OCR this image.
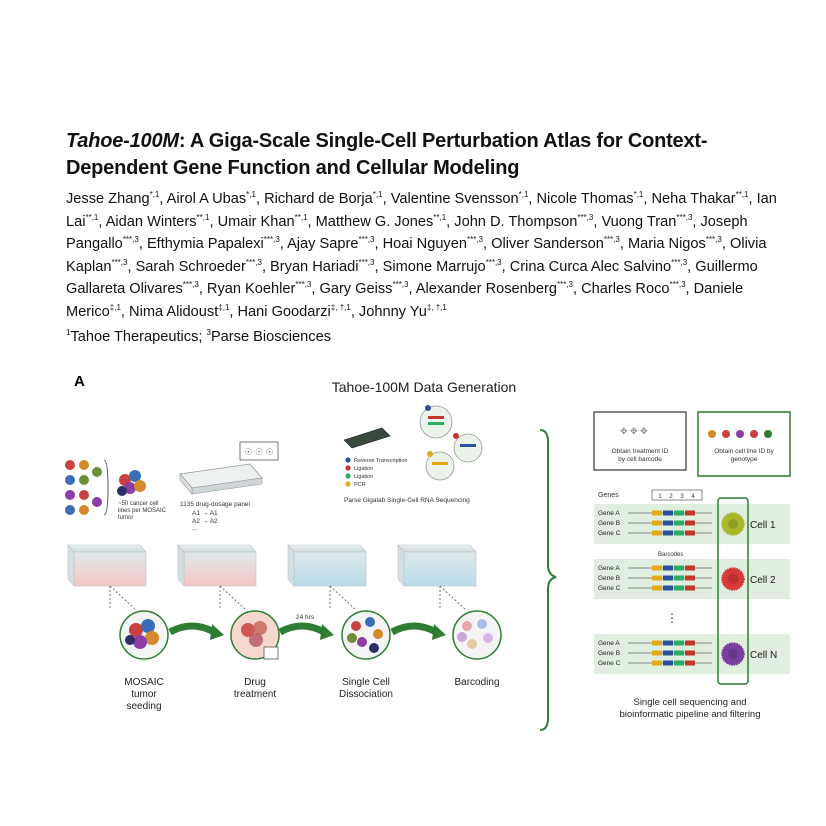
Tahoe-100M: A Giga-Scale Single-Cell Perturbation Atlas for Context-Dependent Gene Function and Cellular Modeling
Jesse Zhang$^{*,1}$, Airol A Ubas$^{*,1}$, Richard de Borja$^{*,1}$, Valentine Svensson$^{*,1}$, Nicole Thomas$^{*,1}$, Neha Thakar$^{**,1}$, Ian Lai$^{**,1}$, Aidan Winters$^{**,1}$, Umair Khan$^{**,1}$, Matthew G. Jones$^{**,1}$, John D. Thompson$^{***,3}$, Vuong Tran$^{***,3}$, Joseph Pangallo$^{***,3}$, Efthymia Papalexi$^{***,3}$, Ajay Sapre$^{***,3}$, Hoai Nguyen$^{***,3}$, Oliver Sanderson$^{***,3}$, Maria Nigos$^{***,3}$, Olivia Kaplan$^{***,3}$, Sarah Schroeder$^{***,3}$, Bryan Hariadi$^{***,3}$, Simone Marrujo$^{***,3}$, Crina Curca Alec Salvino$^{***,3}$, Guillermo Gallareta Olivares$^{***,3}$, Ryan Koehler$^{***,3}$, Gary Geiss$^{***,3}$, Alexander Rosenberg$^{***,3}$, Charles Roco$^{***,3}$, Daniele Merico$^{\ddagger,1}$, Nima Alidoust$^{\ddagger,1}$, Hani Goodarzi$^{\ddagger, \dagger,1}$, Johnny $Yu^{\ddagger, \dagger,1}$
$^1$Tahoe Therapeutics; $^3$Parse Biosciences
A	Tahoe-100M Data Generation
~50 cancer cell
lines per MOSAIC
tumor
☉ ☉ ☉
1135 drug-dosage panel
A1 → A1
A2 → A2
...
Reverse Transcription
Ligation
Ligation
PCR
Parse Gigalab Single-Cell RNA Sequencing
24 hrs
MOSAIC
tumor
seeding
Drug
treatment
Single Cell
Dissociation
Barcoding
✥ ✥ ✥
Obtain treatment ID
by cell barcode
Obtain cell line ID by
genotype
Genes	1 2 3 4
Gene A
Gene B
Gene C
Cell 1
Barcodes
Gene A
Gene B
Gene C
Cell 2
Gene A
Gene B
Gene C
Cell N
⋮
Single cell sequencing and
bioinformatic pipeline and filtering
